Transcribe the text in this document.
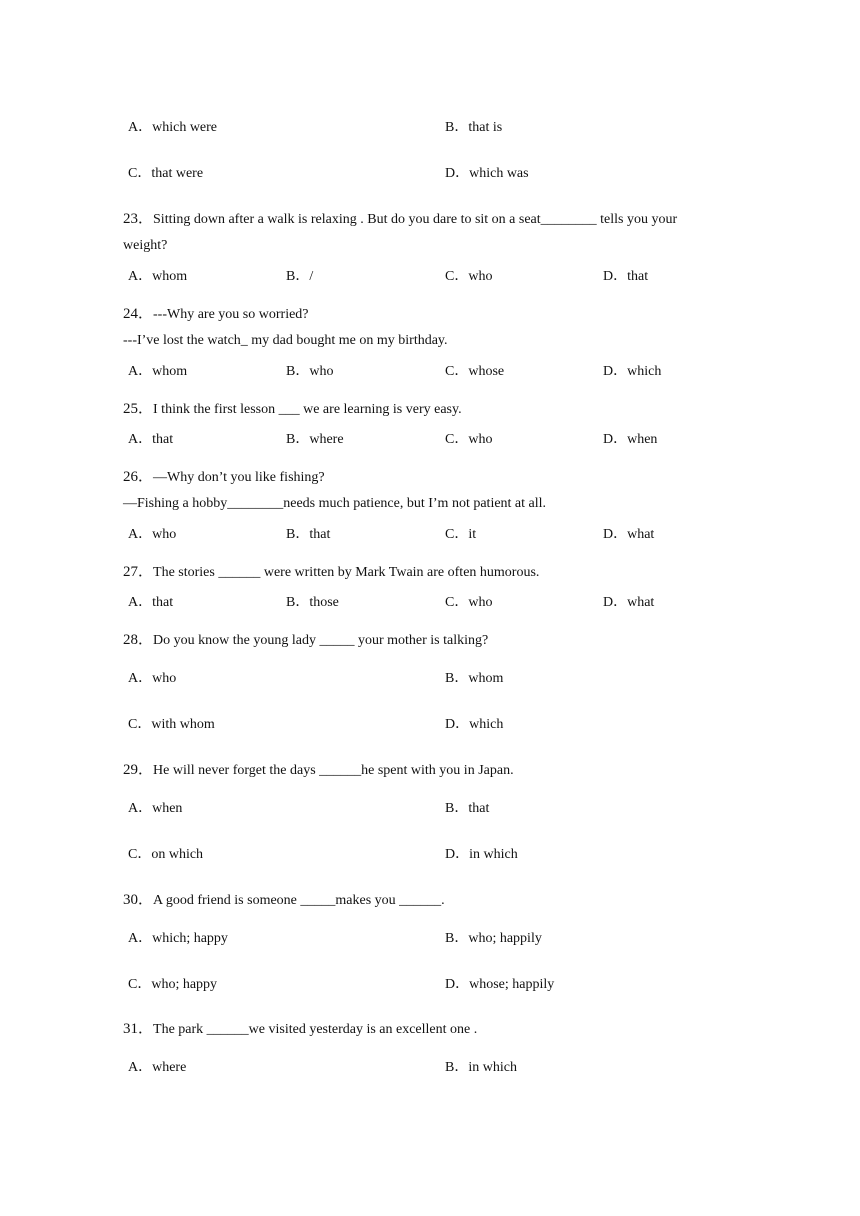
A．which were	B．that is
C．that were	D．which was
23．Sitting down after a walk is relaxing . But do you dare to sit on a seat________ tells you your
weight?
A．whom	B．/	C．who	D．that
24．---Why are you so worried?
---I’ve lost the watch_ my dad bought me on my birthday.
A．whom	B．who	C．whose	D．which
25．I think the first lesson ___ we are learning is very easy.
A．that	B．where	C．who	D．when
26．—Why don’t you like fishing?
—Fishing a hobby________needs much patience, but I’m not patient at all.
A．who	B．that	C．it	D．what
27．The stories ______ were written by Mark Twain are often humorous.
A．that	B．those	C．who	D．what
28．Do you know the young lady _____ your mother is talking?
A．who	B．whom
C．with whom	D．which
29．He will never forget the days ______he spent with you in Japan.
A．when	B．that
C．on which	D．in which
30．A good friend is someone _____makes you ______.
A．which; happy	B．who; happily
C．who; happy	D．whose; happily
31．The park ______we visited yesterday is an excellent one .
A．where	B．in which
